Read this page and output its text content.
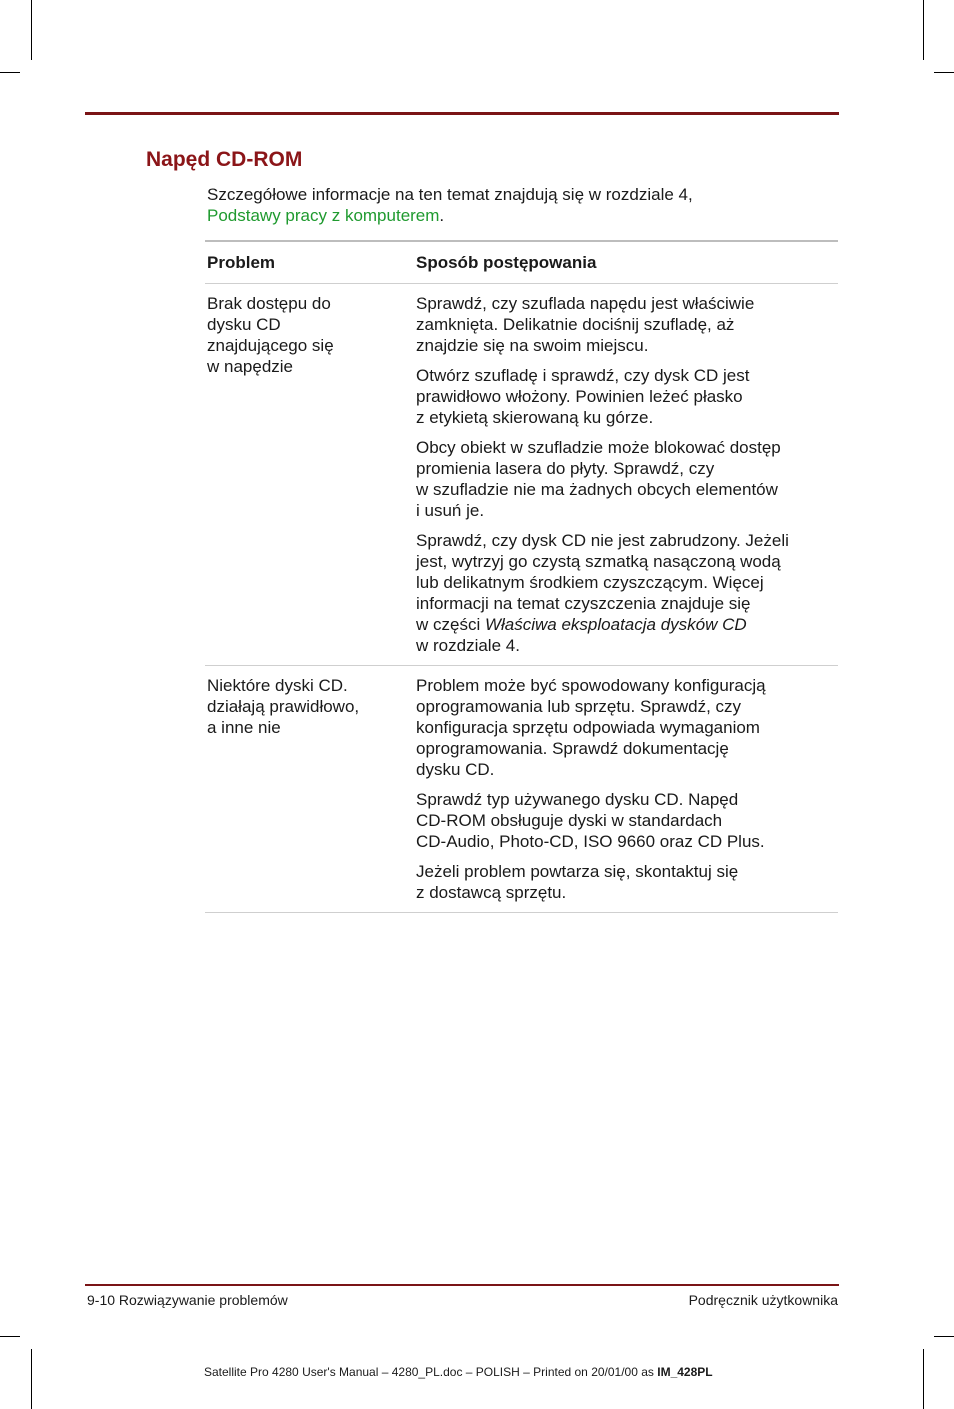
Napęd CD-ROM

Szczegółowe informacje na ten temat znajdują się w rozdziale 4,
Podstawy pracy z komputerem.

Problem	Sposób postępowania
Brak dostępu do
dysku CD
znajdującego się
w napędzie

Sprawdź, czy szuflada napędu jest właściwie
zamknięta. Delikatnie dociśnij szufladę, aż
znajdzie się na swoim miejscu.

Otwórz szufladę i sprawdź, czy dysk CD jest
prawidłowo włożony. Powinien leżeć płasko
z etykietą skierowaną ku górze.

Obcy obiekt w szufladzie może blokować dostęp
promienia lasera do płyty. Sprawdź, czy
w szufladzie nie ma żadnych obcych elementów
i usuń je.

Sprawdź, czy dysk CD nie jest zabrudzony. Jeżeli
jest, wytrzyj go czystą szmatką nasączoną wodą
lub delikatnym środkiem czyszczącym. Więcej
informacji na temat czyszczenia znajduje się
w części Właściwa eksploatacja dysków CD
w rozdziale 4.

Niektóre dyski CD.
działają prawidłowo,
a inne nie

Problem może być spowodowany konfiguracją
oprogramowania lub sprzętu. Sprawdź, czy
konfiguracja sprzętu odpowiada wymaganiom
oprogramowania. Sprawdź dokumentację
dysku CD.

Sprawdź typ używanego dysku CD. Napęd
CD-ROM obsługuje dyski w standardach
CD-Audio, Photo-CD, ISO 9660 oraz CD Plus.

Jeżeli problem powtarza się, skontaktuj się
z dostawcą sprzętu.

9-10 Rozwiązywanie problemów	Podręcznik użytkownika
Satellite Pro 4280 User's Manual – 4280_PL.doc – POLISH – Printed on 20/01/00 as IM_428PL
